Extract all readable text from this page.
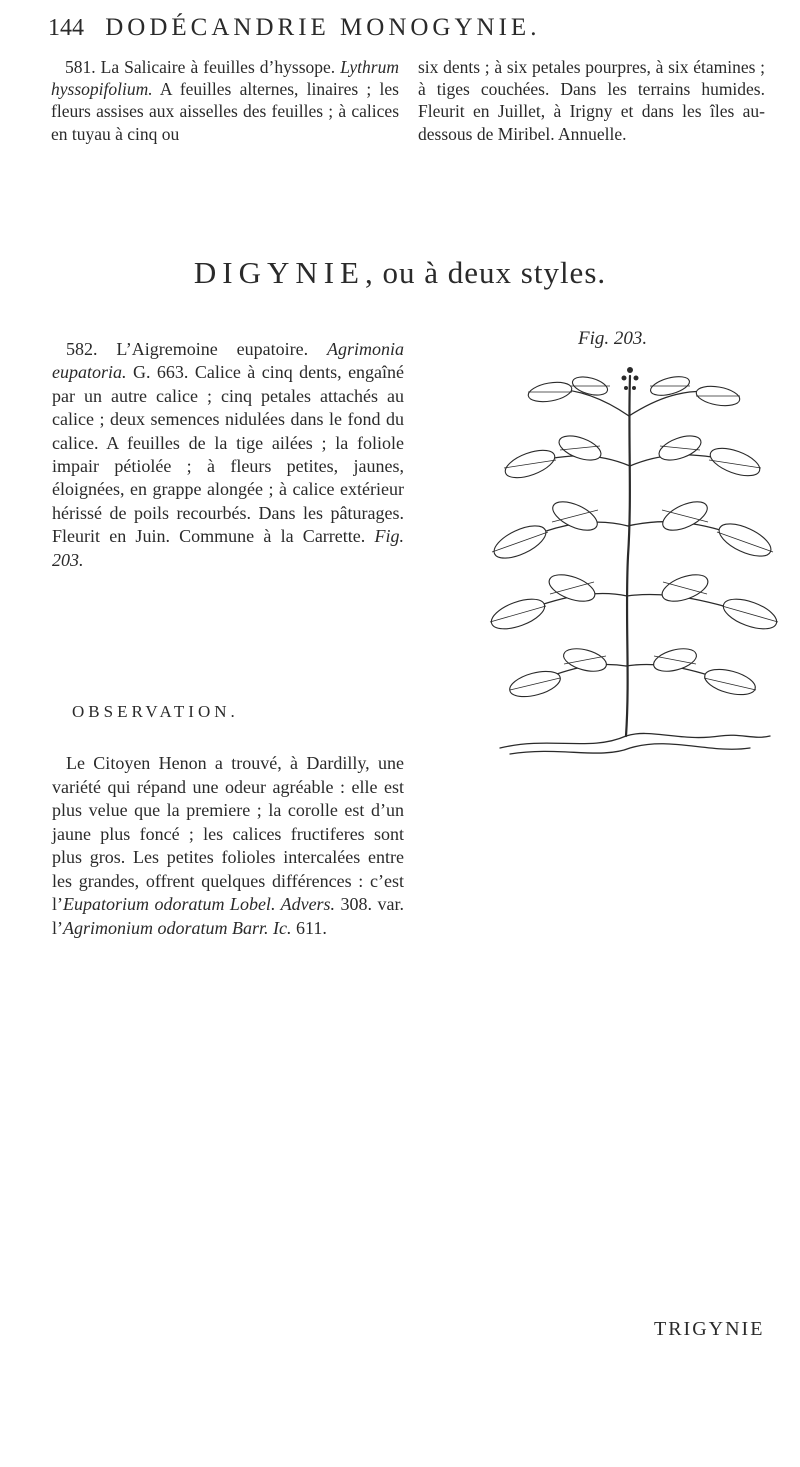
144 DODÉCANDRIE MONOGYNIE.

581. La Salicaire à feuilles d’hyssope. Lythrum hyssopifolium. A feuilles alternes, linaires ; les fleurs assises aux aisselles des feuilles ; à calices en tuyau à cinq ou

six dents ; à six petales pourpres, à six étamines ; à tiges couchées. Dans les terrains humides. Fleurit en Juillet, à Irigny et dans les îles au-dessous de Miribel. Annuelle.
DIGYNIE, ou à deux styles.

582. L’Aigremoine eupatoire. Agrimonia eupatoria. G. 663. Calice à cinq dents, engaîné par un autre calice ; cinq petales attachés au calice ; deux semences nidulées dans le fond du calice. A feuilles de la tige ailées ; la foliole impair pétiolée ; à fleurs petites, jaunes, éloignées, en grappe alongée ; à calice extérieur hérissé de poils recourbés. Dans les pâturages. Fleurit en Juin. Commune à la Carrette. Fig. 203.

OBSERVATION.

Le Citoyen Henon a trouvé, à Dardilly, une variété qui répand une odeur agréable : elle est plus velue que la premiere ; la corolle est d’un jaune plus foncé ; les calices fructiferes sont plus gros. Les petites folioles intercalées entre les grandes, offrent quelques différences : c’est l’Eupatorium odoratum Lobel. Advers. 308. var. l’Agrimonium odoratum Barr. Ic. 611.

Fig. 203.
TRIGYNIE
